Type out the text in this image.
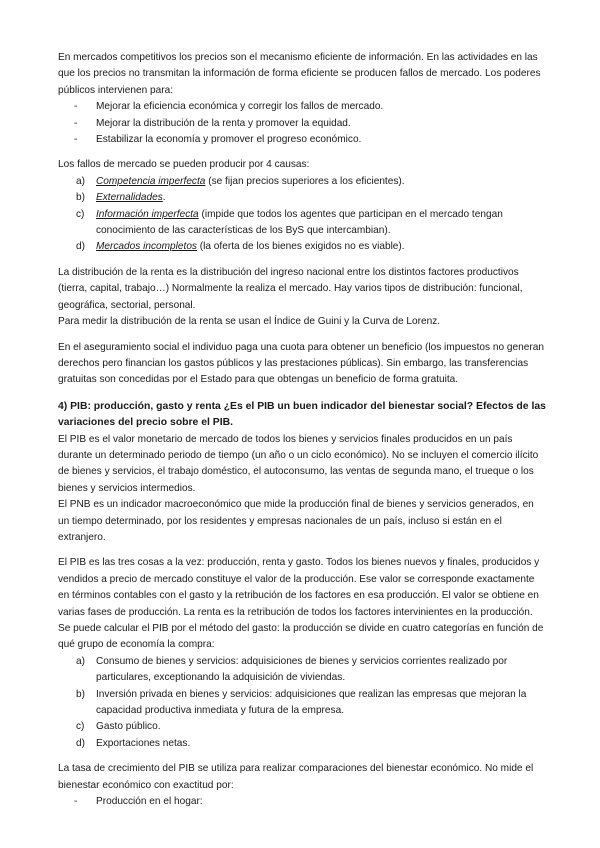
En mercados competitivos los precios son el mecanismo eficiente de información. En las actividades en las que los precios no transmitan la información de forma eficiente se producen fallos de mercado. Los poderes públicos intervienen para:

- Mejorar la eficiencia económica y corregir los fallos de mercado.
- Mejorar la distribución de la renta y promover la equidad.
- Estabilizar la economía y promover el progreso económico.

Los fallos de mercado se pueden producir por 4 causas:

a) Competencia imperfecta (se fijan precios superiores a los eficientes).
b) Externalidades.
c) Información imperfecta (impide que todos los agentes que participan en el mercado tengan conocimiento de las características de los ByS que intercambian).
d) Mercados incompletos (la oferta de los bienes exigidos no es viable).

La distribución de la renta es la distribución del ingreso nacional entre los distintos factores productivos (tierra, capital, trabajo…) Normalmente la realiza el mercado. Hay varios tipos de distribución: funcional, geográfica, sectorial, personal.

Para medir la distribución de la renta se usan el Índice de Guini y la Curva de Lorenz.

En el aseguramiento social el individuo paga una cuota para obtener un beneficio (los impuestos no generan derechos pero financian los gastos públicos y las prestaciones públicas). Sin embargo, las transferencias gratuitas son concedidas por el Estado para que obtengas un beneficio de forma gratuita.

4) PIB: producción, gasto y renta ¿Es el PIB un buen indicador del bienestar social? Efectos de las variaciones del precio sobre el PIB.

El PIB es el valor monetario de mercado de todos los bienes y servicios finales producidos en un país durante un determinado periodo de tiempo (un año o un ciclo económico). No se incluyen el comercio ilícito de bienes y servicios, el trabajo doméstico, el autoconsumo, las ventas de segunda mano, el trueque o los bienes y servicios intermedios.

El PNB es un indicador macroeconómico que mide la producción final de bienes y servicios generados, en un tiempo determinado, por los residentes y empresas nacionales de un país, incluso si están en el extranjero.

El PIB es las tres cosas a la vez: producción, renta y gasto. Todos los bienes nuevos y finales, producidos y vendidos a precio de mercado constituye el valor de la producción. Ese valor se corresponde exactamente en términos contables con el gasto y la retribución de los factores en esa producción. El valor se obtiene en varias fases de producción. La renta es la retribución de todos los factores intervinientes en la producción. Se puede calcular el PIB por el método del gasto: la producción se divide en cuatro categorías en función de qué grupo de economía la compra:

a) Consumo de bienes y servicios: adquisiciones de bienes y servicios corrientes realizado por particulares, exceptionando la adquisición de viviendas.
b) Inversión privada en bienes y servicios: adquisiciones que realizan las empresas que mejoran la capacidad productiva inmediata y futura de la empresa.
c) Gasto público.
d) Exportaciones netas.

La tasa de crecimiento del PIB se utiliza para realizar comparaciones del bienestar económico. No mide el bienestar económico con exactitud por:

- Producción en el hogar:
